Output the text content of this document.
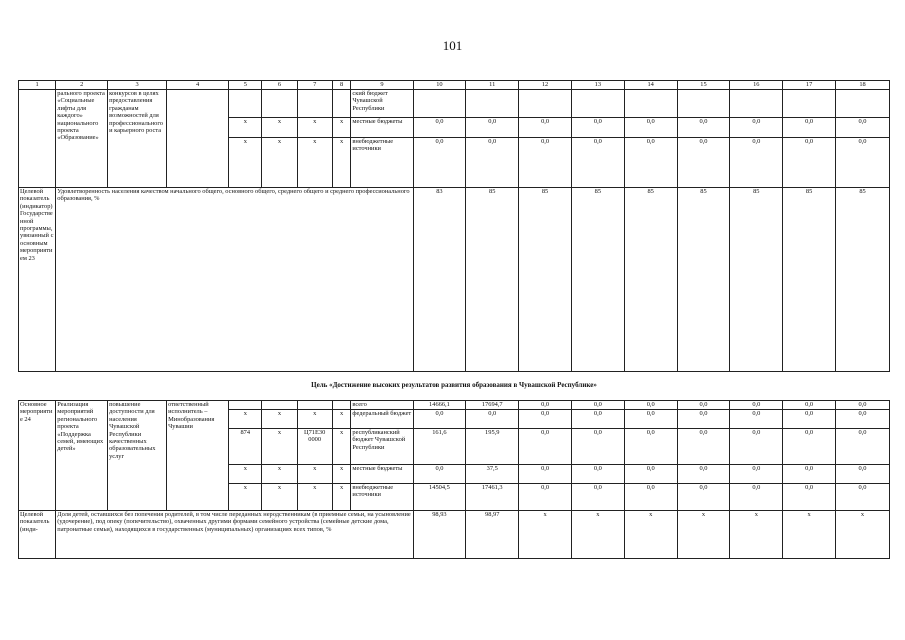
101
1	2	3	4	5	6	7	8	9	10	11	12	13	14	15	16	17	18
	рального проекта «Социальные лифты для каждого» национального проекта «Образование»	конкурсов в целях предоставления гражданам возможностей для профессионального и карьерного роста						ский бюджет Чувашской Республики									
				х	х	х	х	местные бюджеты	0,0	0,0	0,0	0,0	0,0	0,0	0,0	0,0	0,0
				х	х	х	х	внебюджетные источники	0,0	0,0	0,0	0,0	0,0	0,0	0,0	0,0	0,0
Целевой показатель (индикатор) Государственной программы, увязанный с основным мероприятием 23	Удовлетворенность населения качеством начального общего, основного общего, среднего общего и среднего профессионального образования, %								83	85	85	85	85	85	85	85	85
Цель «Достижение высоких результатов развития образования в Чувашской Республике»
Основное мероприятие 24	Реализация мероприятий регионального проекта «Поддержка семей, имеющих детей»	повышение доступности для населения Чувашской Республики качественных образовательных услуг	ответственный исполнитель – Минобразования Чувашии					всего	14666,1	17694,7	0,0	0,0	0,0	0,0	0,0	0,0	0,0
				х	х	х	х	федеральный бюджет	0,0	0,0	0,0	0,0	0,0	0,0	0,0	0,0	0,0
				874	х	Ц71Е30 0000	х	республиканский бюджет Чувашской Республики	161,6	195,9	0,0	0,0	0,0	0,0	0,0	0,0	0,0
				х	х	х	х	местные бюджеты	0,0	37,5	0,0	0,0	0,0	0,0	0,0	0,0	0,0
				х	х	х	х	внебюджетные источники	14504,5	17461,3	0,0	0,0	0,0	0,0	0,0	0,0	0,0
Целевой показатель (инди-	Доля детей, оставшихся без попечения родителей, в том числе переданных неродственникам (в приемные семьи, на усыновление (удочерение), под опеку (попечительство), охваченных другими формами семейного устройства (семейные детские дома, патронатные семьи), находящихся в государственных (муниципальных) организациях всех типов, %								98,93	98,97	х	х	х	х	х	х	х
